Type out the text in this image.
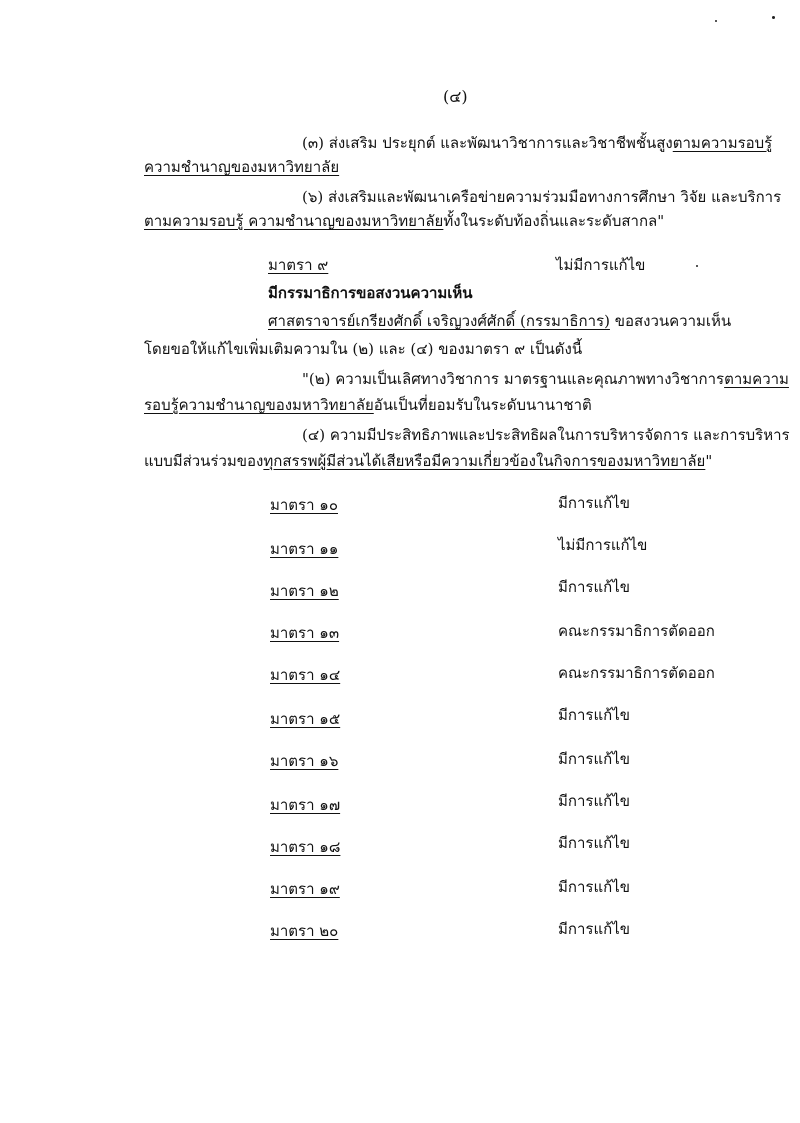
(๔)
(๓) ส่งเสริม ประยุกต์ และพัฒนาวิชาการและวิชาชีพชั้นสูงตามความรอบรู้
ความชำนาญของมหาวิทยาลัย
(๖) ส่งเสริมและพัฒนาเครือข่ายความร่วมมือทางการศึกษา วิจัย และบริการ
ตามความรอบรู้ ความชำนาญของมหาวิทยาลัยทั้งในระดับท้องถิ่นและระดับสากล"
มาตรา ๙	ไม่มีการแก้ไข
มีกรรมาธิการขอสงวนความเห็น
ศาสตราจารย์เกรียงศักดิ์ เจริญวงศ์ศักดิ์ (กรรมาธิการ) ขอสงวนความเห็น
โดยขอให้แก้ไขเพิ่มเติมความใน (๒) และ (๔) ของมาตรา ๙ เป็นดังนี้
"(๒) ความเป็นเลิศทางวิชาการ มาตรฐานและคุณภาพทางวิชาการตามความ
รอบรู้ความชำนาญของมหาวิทยาลัยอันเป็นที่ยอมรับในระดับนานาชาติ
(๔) ความมีประสิทธิภาพและประสิทธิผลในการบริหารจัดการ และการบริหาร
แบบมีส่วนร่วมของทุกสรรพผู้มีส่วนได้เสียหรือมีความเกี่ยวข้องในกิจการของมหาวิทยาลัย"
มาตรา ๑๐	มีการแก้ไข
มาตรา ๑๑	ไม่มีการแก้ไข
มาตรา ๑๒	มีการแก้ไข
มาตรา ๑๓	คณะกรรมาธิการตัดออก
มาตรา ๑๔	คณะกรรมาธิการตัดออก
มาตรา ๑๕	มีการแก้ไข
มาตรา ๑๖	มีการแก้ไข
มาตรา ๑๗	มีการแก้ไข
มาตรา ๑๘	มีการแก้ไข
มาตรา ๑๙	มีการแก้ไข
มาตรา ๒๐	มีการแก้ไข
